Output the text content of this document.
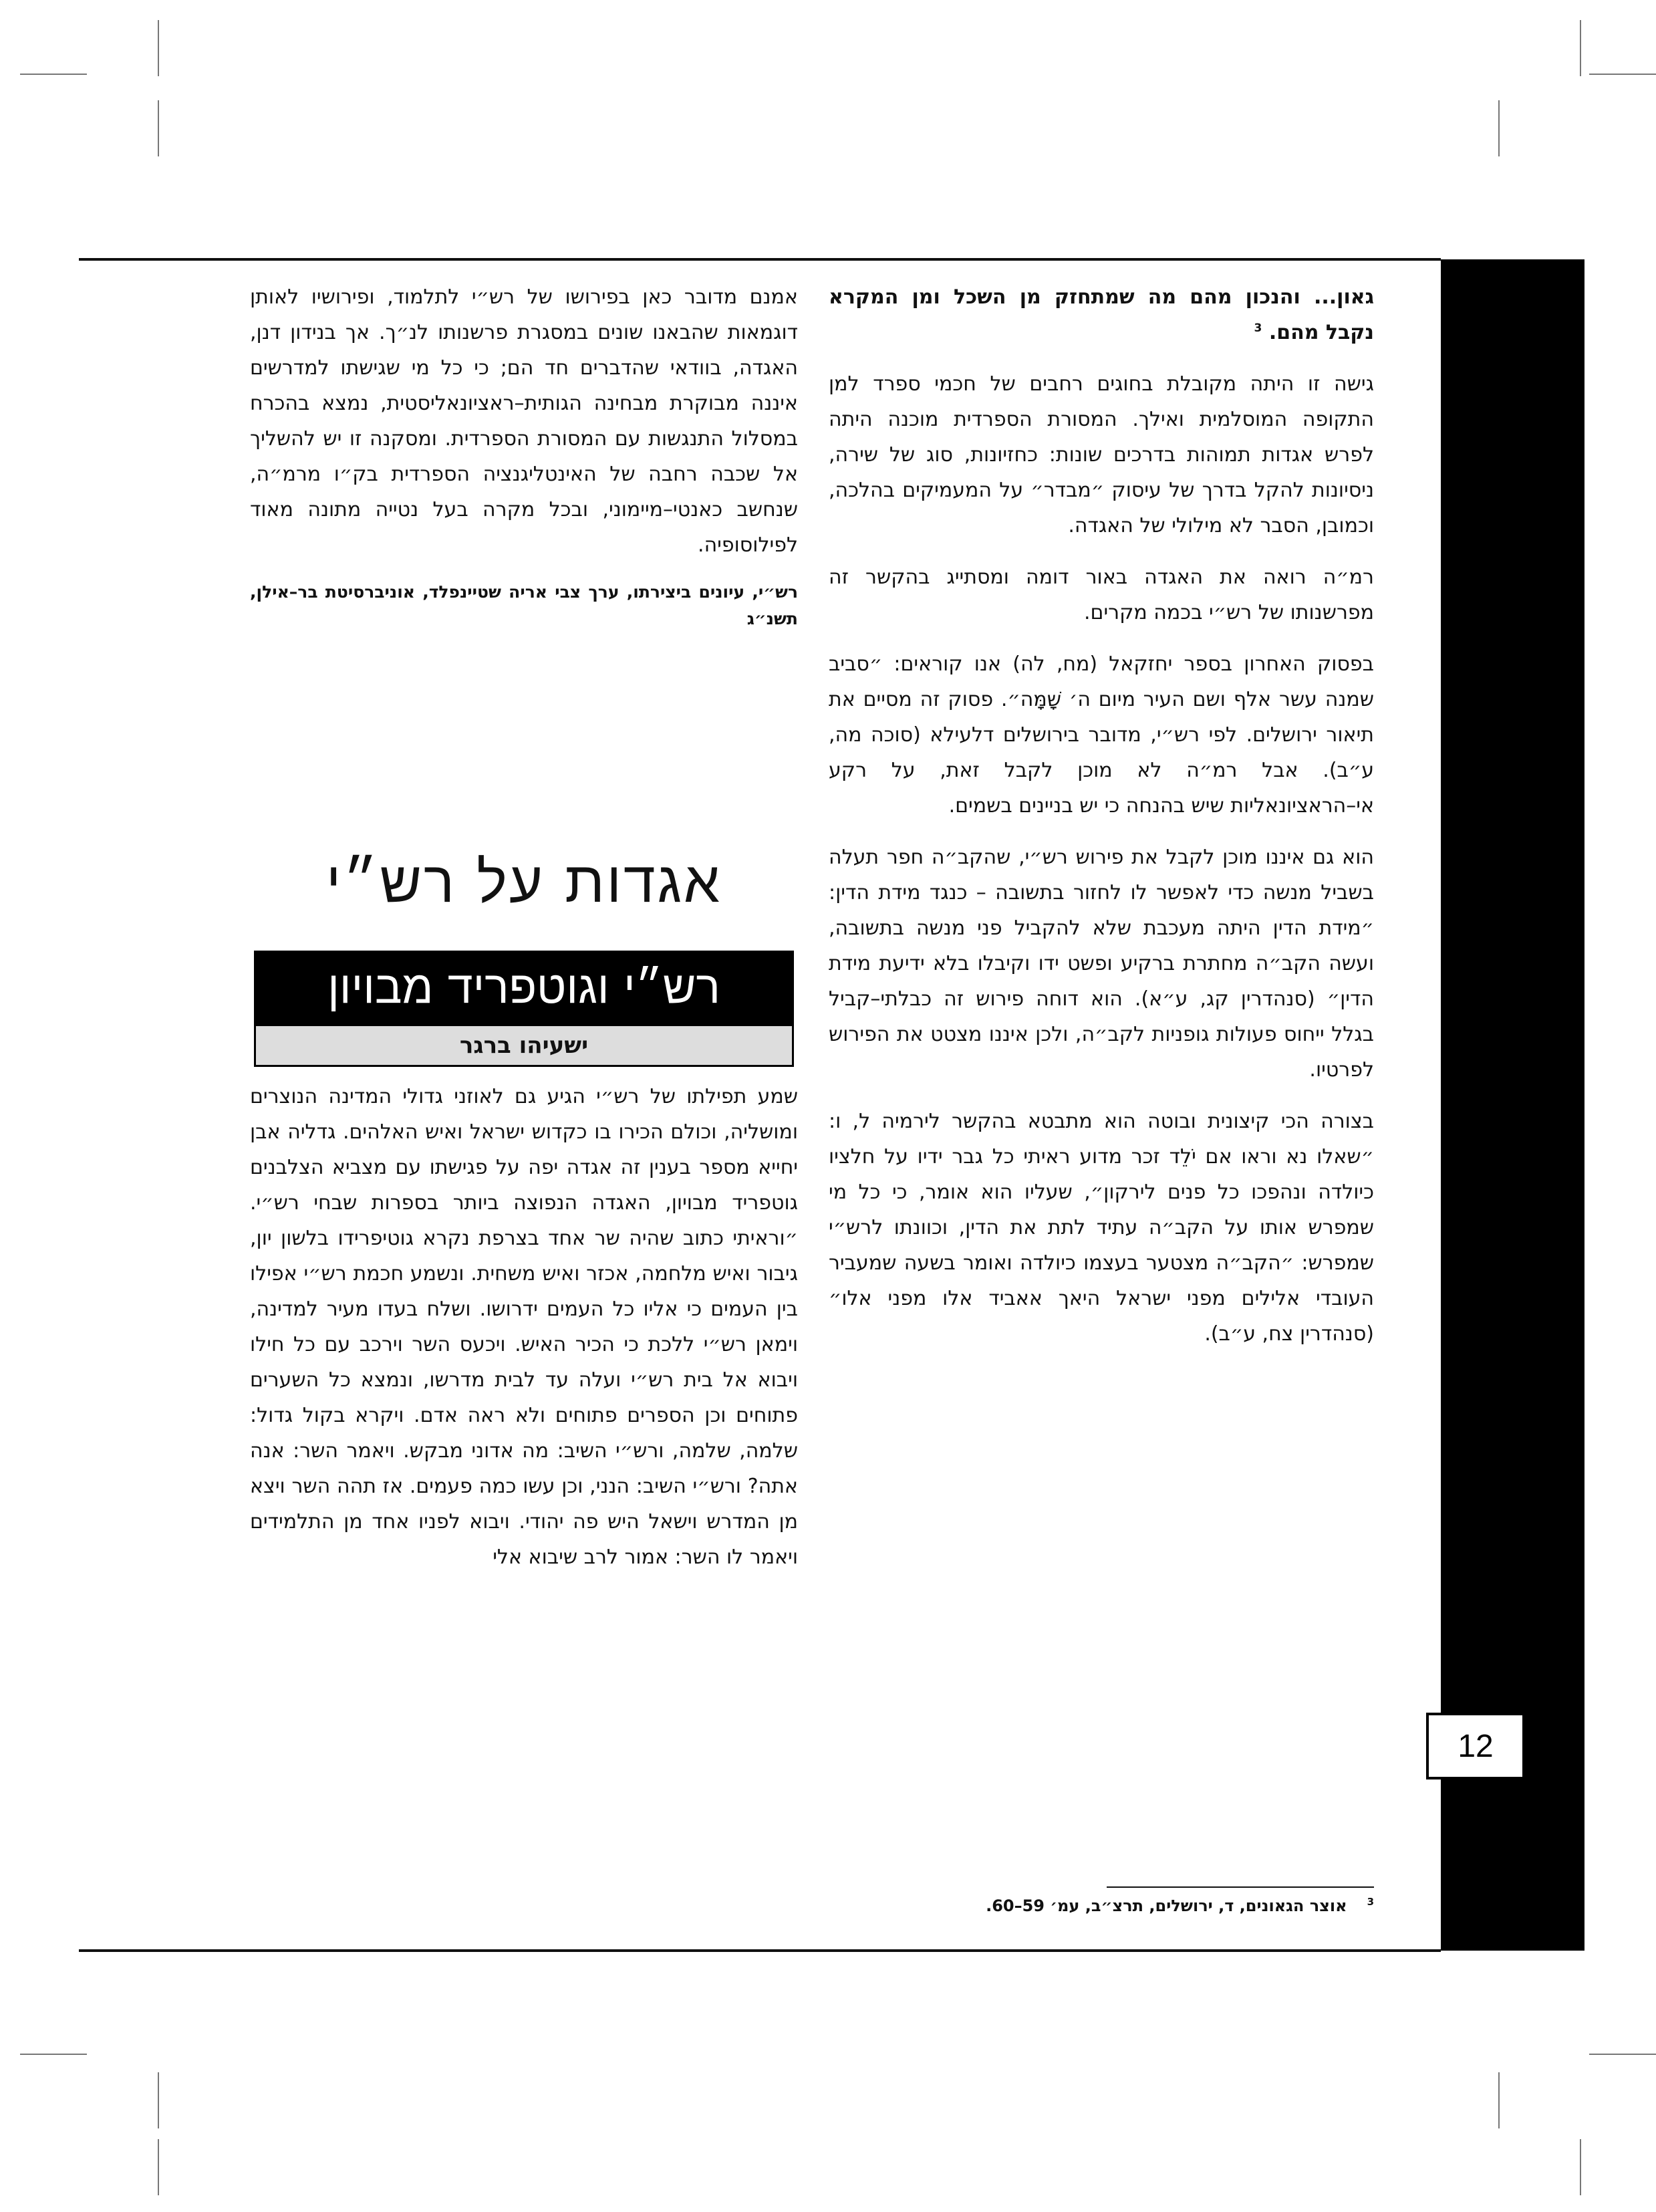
12

גאון... והנכון מהם מה שמתחזק מן השכל ומן המקרא נקבל מהם. $^3$

גישה זו היתה מקובלת בחוגים רחבים של חכמי ספרד למן התקופה המוסלמית ואילך. המסורת הספרדית מוכנה היתה לפרש אגדות תמוהות בדרכים שונות: כחזיונות, סוג של שירה, ניסיונות להקל בדרך של עיסוק ״מבדר״ על המעמיקים בהלכה, וכמובן, הסבר לא מילולי של האגדה.

רמ״ה רואה את האגדה באור דומה ומסתייג בהקשר זה מפרשנותו של רש״י בכמה מקרים.

בפסוק האחרון בספר יחזקאל (מח, לה) אנו קוראים: ״סביב שמנה עשר אלף ושם העיר מיום ה׳ שָׁמָּה״. פסוק זה מסיים את תיאור ירושלים. לפי רש״י, מדובר בירושלים דלעילא (סוכה מה, ע״ב). אבל רמ״ה לא מוכן לקבל זאת, על רקע אי–הראציונאליות שיש בהנחה כי יש בניינים בשמים.

הוא גם איננו מוכן לקבל את פירוש רש״י, שהקב״ה חפר תעלה בשביל מנשה כדי לאפשר לו לחזור בתשובה – כנגד מידת הדין: ״מידת הדין היתה מעכבת שלא להקביל פני מנשה בתשובה, ועשה הקב״ה מחתרת ברקיע ופשט ידו וקיבלו בלא ידיעת מידת הדין״ (סנהדרין קג, ע״א). הוא דוחה פירוש זה כבלתי–קביל בגלל ייחוס פעולות גופניות לקב״ה, ולכן איננו מצטט את הפירוש לפרטיו.

בצורה הכי קיצונית ובוטה הוא מתבטא בהקשר לירמיה ל, ו: ״שאלו נא וראו אם יֹלֵד זכר מדוע ראיתי כל גבר ידיו על חלציו כיולדה ונהפכו כל פנים לירקון״, שעליו הוא אומר, כי כל מי שמפרש אותו על הקב״ה עתיד לתת את הדין, וכוונתו לרש״י שמפרש: ״הקב״ה מצטער בעצמו כיולדה ואומר בשעה שמעביר העובדי אלילים מפני ישראל היאך אאביד אלו מפני אלו״ (סנהדרין צח, ע״ב).

$^3$אוצר הגאונים, ד, ירושלים, תרצ״ב, עמ׳ 59–60.

אמנם מדובר כאן בפירושו של רש״י לתלמוד, ופירושיו לאותן דוגמאות שהבאנו שונים במסגרת פרשנותו לנ״ך. אך בנידון דנן, האגדה, בוודאי שהדברים חד הם; כי כל מי שגישתו למדרשים איננה מבוקרת מבחינה הגותית–ראציונאליסטית, נמצא בהכרח במסלול התנגשות עם המסורת הספרדית. ומסקנה זו יש להשליך אל שכבה רחבה של האינטליגנציה הספרדית בק״ו מרמ״ה, שנחשב כאנטי–מיימוני, ובכל מקרה בעל נטייה מתונה מאוד לפילוסופיה.

רש״י, עיונים ביצירתו, ערך צבי אריה שטיינפלד, אוניברסיטת בר–אילן, תשנ״ג

אגדות על רש״י
רש״י וגוטפריד מבויון
ישעיהו ברגר

שמע תפילתו של רש״י הגיע גם לאוזני גדולי המדינה הנוצרים ומושליה, וכולם הכירו בו כקדוש ישראל ואיש האלהים. גדליה אבן יחייא מספר בענין זה אגדה יפה על פגישתו עם מצביא הצלבנים גוטפריד מבויון, האגדה הנפוצה ביותר בספרות שבחי רש״י. ״וראיתי כתוב שהיה שר אחד בצרפת נקרא גוטיפרידו בלשון יון, גיבור ואיש מלחמה, אכזר ואיש משחית. ונשמע חכמת רש״י אפילו בין העמים כי אליו כל העמים ידרושו. ושלח בעדו מעיר למדינה, וימאן רש״י ללכת כי הכיר האיש. ויכעס השר וירכב עם כל חילו ויבוא אל בית רש״י ועלה עד לבית מדרשו, ונמצא כל השערים פתוחים וכן הספרים פתוחים ולא ראה אדם. ויקרא בקול גדול: שלמה, שלמה, ורש״י השיב: מה אדוני מבקש. ויאמר השר: אנה אתה? ורש״י השיב: הנני, וכן עשו כמה פעמים. אז תהה השר ויצא מן המדרש וישאל היש פה יהודי. ויבוא לפניו אחד מן התלמידים ויאמר לו השר: אמור לרב שיבוא אלי
